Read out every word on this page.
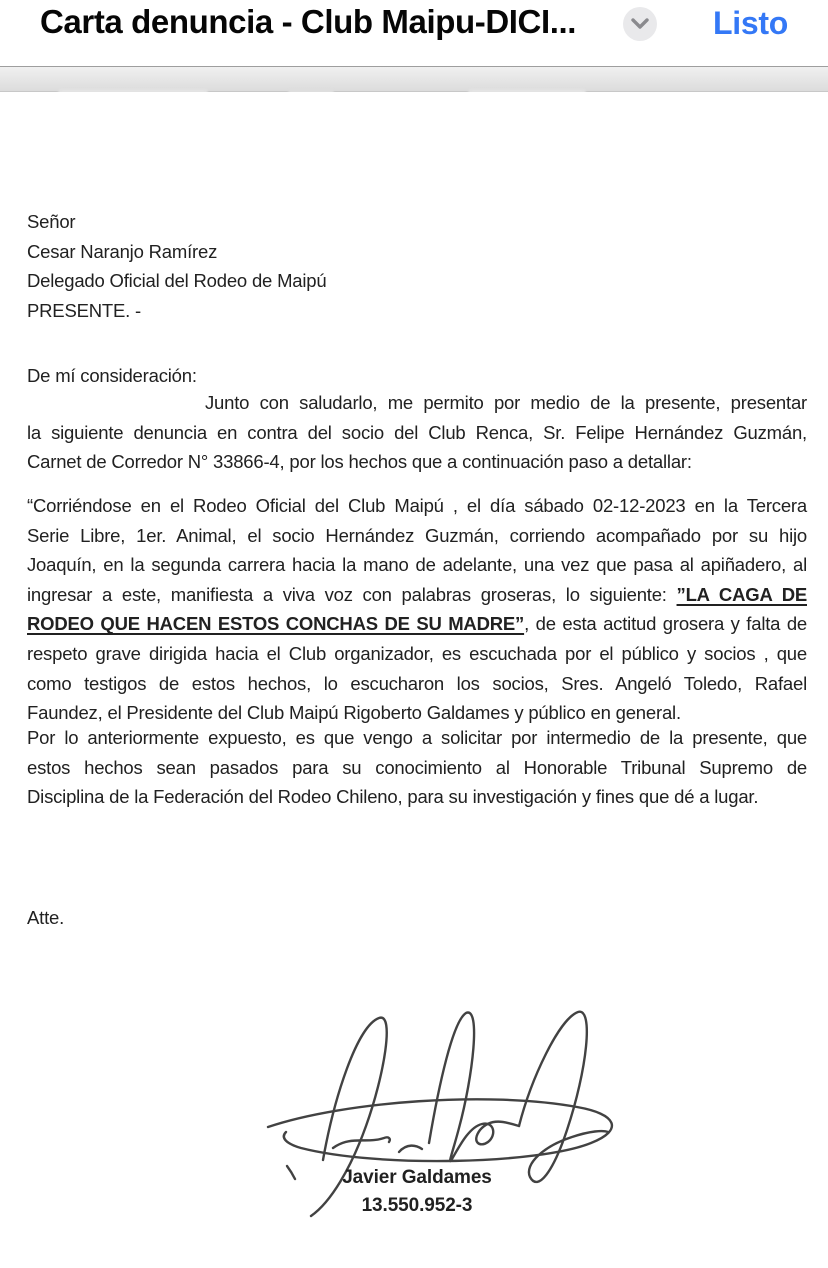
Carta denuncia - Club Maipu-DICI...	Listo
Señor
Cesar Naranjo Ramírez
Delegado Oficial del Rodeo de Maipú
PRESENTE. -
De mí consideración:
Junto con saludarlo, me permito por medio de la presente, presentar
la siguiente denuncia en contra del socio del Club Renca, Sr. Felipe Hernández Guzmán,
Carnet de Corredor N° 33866-4, por los hechos que a continuación paso a detallar:
“Corriéndose en el Rodeo Oficial del Club Maipú , el día sábado 02-12-2023 en la Tercera
Serie Libre, 1er. Animal, el socio Hernández Guzmán, corriendo acompañado por su hijo
Joaquín, en la segunda carrera hacia la mano de adelante, una vez que pasa al apiñadero, al
ingresar a este, manifiesta a viva voz con palabras groseras, lo siguiente: ”LA CAGA DE
RODEO QUE HACEN ESTOS CONCHAS DE SU MADRE”, de esta actitud grosera y falta de
respeto grave dirigida hacia el Club organizador, es escuchada por el público y socios , que
como testigos de estos hechos, lo escucharon los socios, Sres. Angeló Toledo, Rafael
Faundez, el Presidente del Club Maipú Rigoberto Galdames y público en general.
Por lo anteriormente expuesto, es que vengo a solicitar por intermedio de la presente, que
estos hechos sean pasados para su conocimiento al Honorable Tribunal Supremo de
Disciplina de la Federación del Rodeo Chileno, para su investigación y fines que dé a lugar.
Atte.
Javier Galdames
13.550.952-3
